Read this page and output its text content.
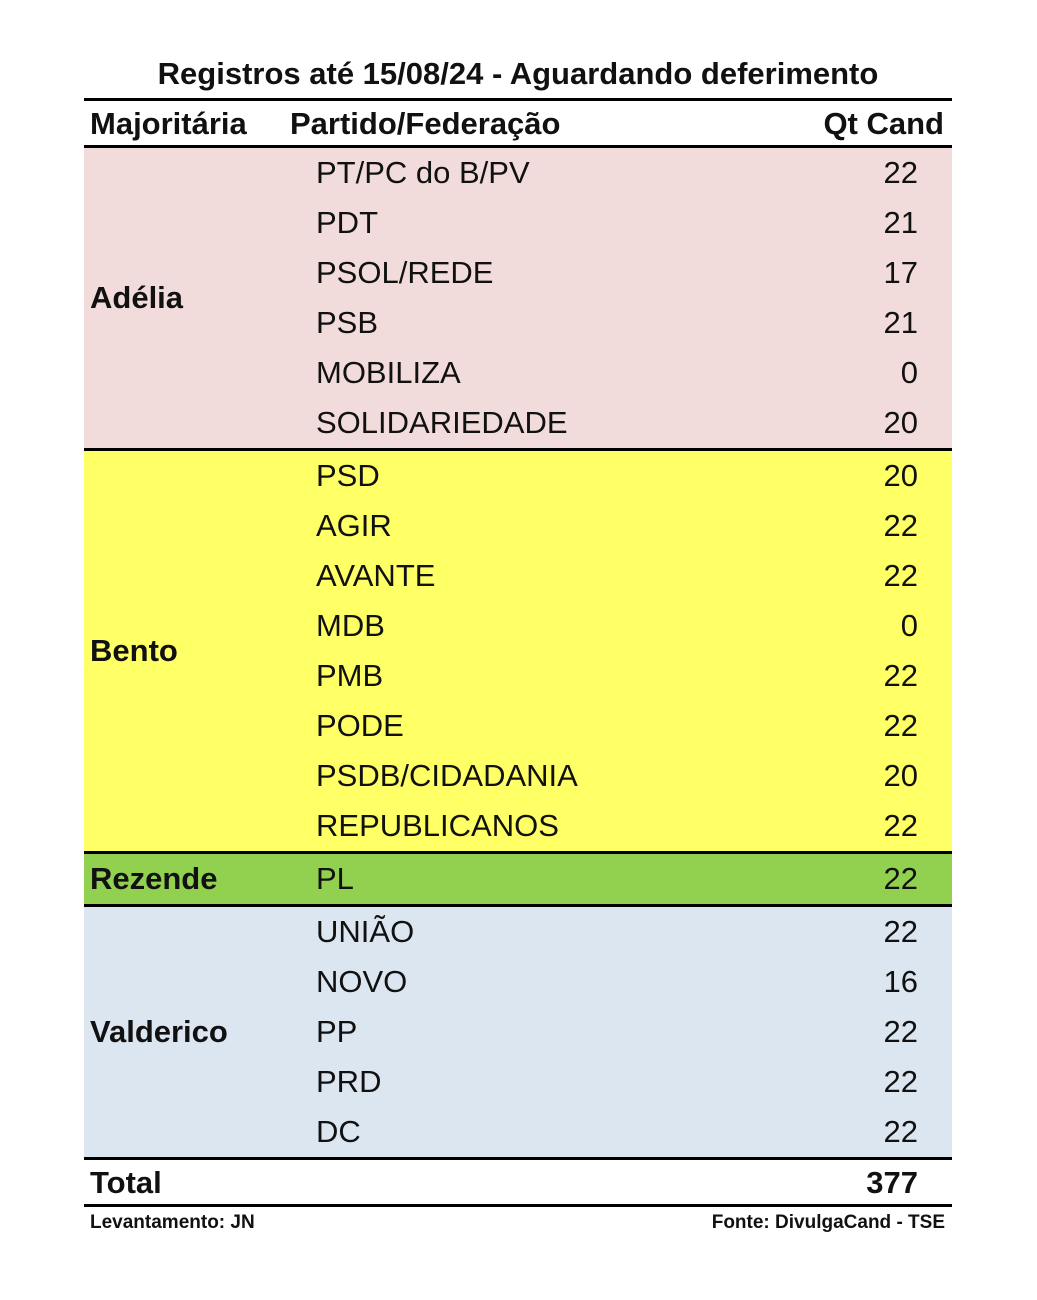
Registros até 15/08/24 - Aguardando deferimento
Majoritária Partido/Federação	Qt Cand
Adélia
PT/PC do B/PV	22
PDT	21
PSOL/REDE	17
PSB	21
MOBILIZA	0
SOLIDARIEDADE	20
Bento
PSD	20
AGIR	22
AVANTE	22
MDB	0
PMB	22
PODE	22
PSDB/CIDADANIA	20
REPUBLICANOS	22
Rezende	PL	22
Valderico
UNIÃO	22
NOVO	16
PP	22
PRD	22
DC	22
Total	377
Levantamento: JN	Fonte: DivulgaCand - TSE
